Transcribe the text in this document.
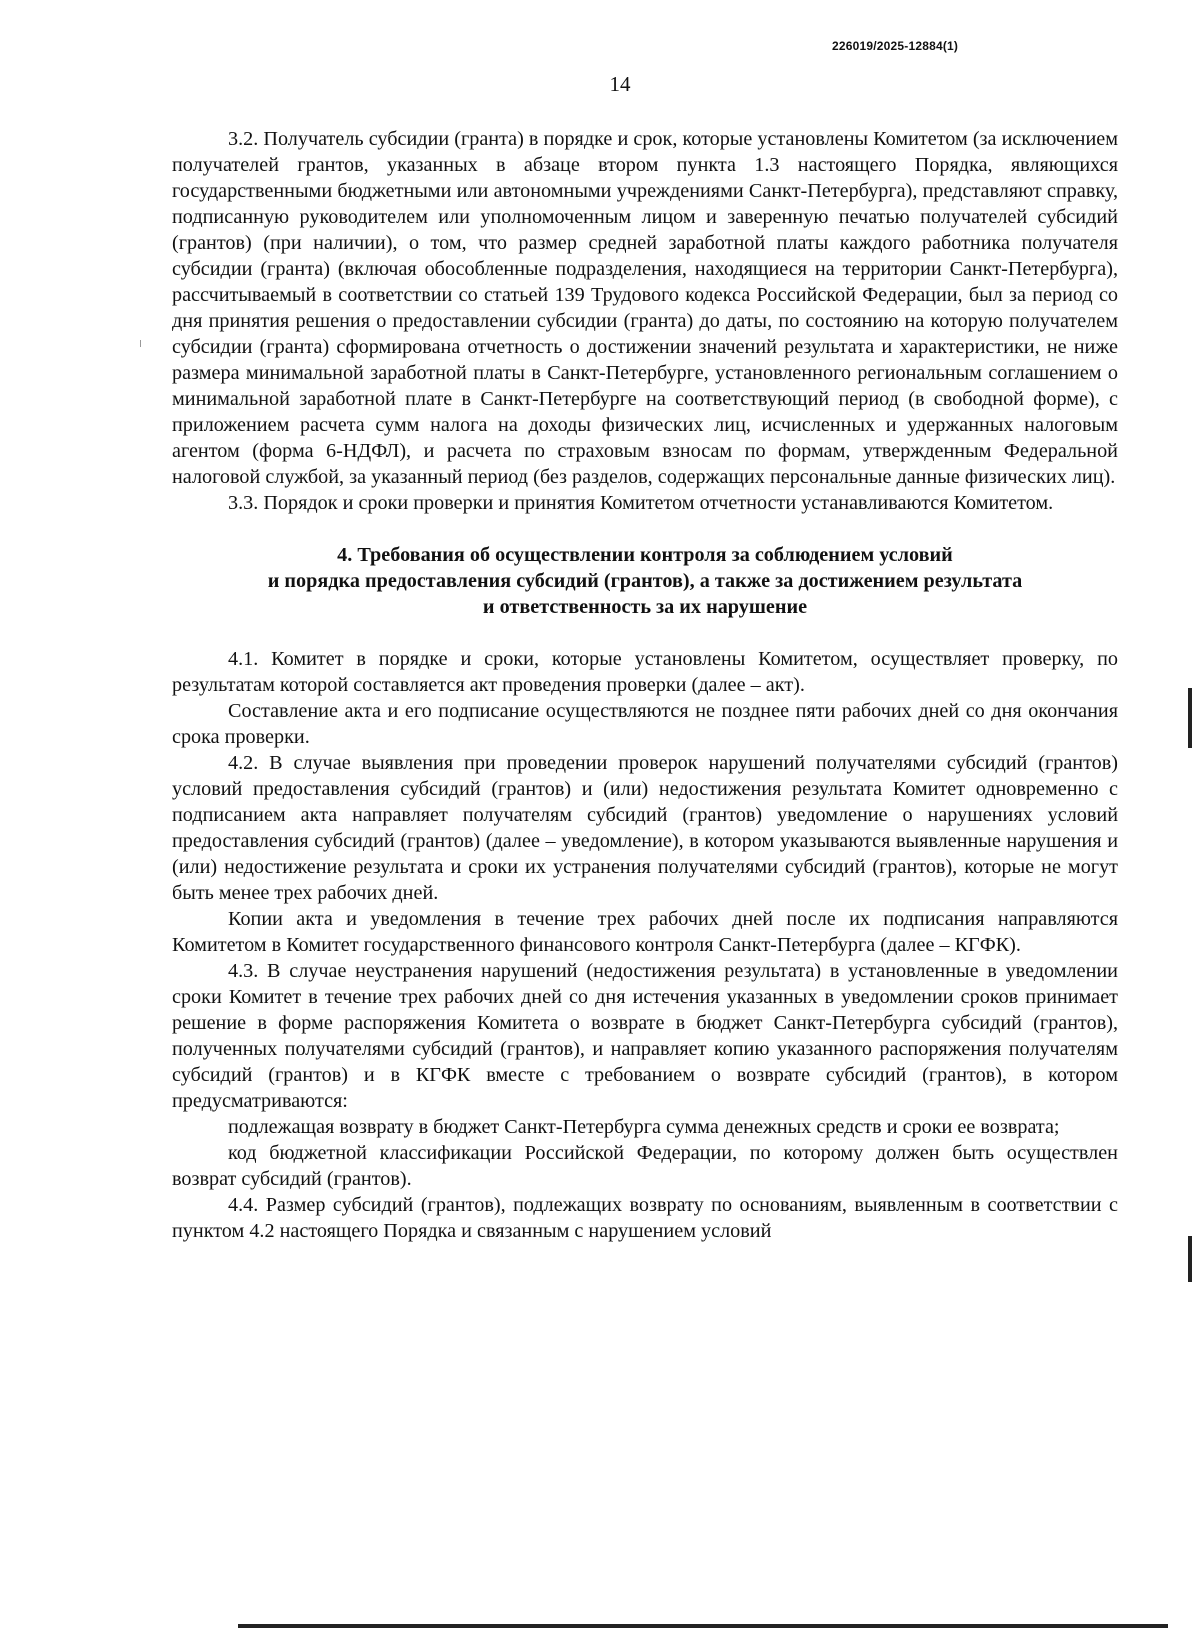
226019/2025-12884(1)
14

3.2. Получатель субсидии (гранта) в порядке и срок, которые установлены Комитетом (за исключением получателей грантов, указанных в абзаце втором пункта 1.3 настоящего Порядка, являющихся государственными бюджетными или автономными учреждениями Санкт-Петербурга), представляют справку, подписанную руководителем или уполномоченным лицом и заверенную печатью получателей субсидий (грантов) (при наличии), о том, что размер средней заработной платы каждого работника получателя субсидии (гранта) (включая обособленные подразделения, находящиеся на территории Санкт-Петербурга), рассчитываемый в соответствии со статьей 139 Трудового кодекса Российской Федерации, был за период со дня принятия решения о предоставлении субсидии (гранта) до даты, по состоянию на которую получателем субсидии (гранта) сформирована отчетность о достижении значений результата и характеристики, не ниже размера минимальной заработной платы в Санкт-Петербурге, установленного региональным соглашением о минимальной заработной плате в Санкт-Петербурге на соответствующий период (в свободной форме), с приложением расчета сумм налога на доходы физических лиц, исчисленных и удержанных налоговым агентом (форма 6-НДФЛ), и расчета по страховым взносам по формам, утвержденным Федеральной налоговой службой, за указанный период (без разделов, содержащих персональные данные физических лиц).

3.3. Порядок и сроки проверки и принятия Комитетом отчетности устанавливаются Комитетом.

4. Требования об осуществлении контроля за соблюдением условий
и порядка предоставления субсидий (грантов), а также за достижением результата
и ответственность за их нарушение

4.1. Комитет в порядке и сроки, которые установлены Комитетом, осуществляет проверку, по результатам которой составляется акт проведения проверки (далее – акт).

Составление акта и его подписание осуществляются не позднее пяти рабочих дней со дня окончания срока проверки.

4.2. В случае выявления при проведении проверок нарушений получателями субсидий (грантов) условий предоставления субсидий (грантов) и (или) недостижения результата Комитет одновременно с подписанием акта направляет получателям субсидий (грантов) уведомление о нарушениях условий предоставления субсидий (грантов) (далее – уведомление), в котором указываются выявленные нарушения и (или) недостижение результата и сроки их устранения получателями субсидий (грантов), которые не могут быть менее трех рабочих дней.

Копии акта и уведомления в течение трех рабочих дней после их подписания направляются Комитетом в Комитет государственного финансового контроля Санкт-Петербурга (далее – КГФК).

4.3. В случае неустранения нарушений (недостижения результата) в установленные в уведомлении сроки Комитет в течение трех рабочих дней со дня истечения указанных в уведомлении сроков принимает решение в форме распоряжения Комитета о возврате в бюджет Санкт-Петербурга субсидий (грантов), полученных получателями субсидий (грантов), и направляет копию указанного распоряжения получателям субсидий (грантов) и в КГФК вместе с требованием о возврате субсидий (грантов), в котором предусматриваются:

подлежащая возврату в бюджет Санкт-Петербурга сумма денежных средств и сроки ее возврата;

код бюджетной классификации Российской Федерации, по которому должен быть осуществлен возврат субсидий (грантов).

4.4. Размер субсидий (грантов), подлежащих возврату по основаниям, выявленным в соответствии с пунктом 4.2 настоящего Порядка и связанным с нарушением условий
